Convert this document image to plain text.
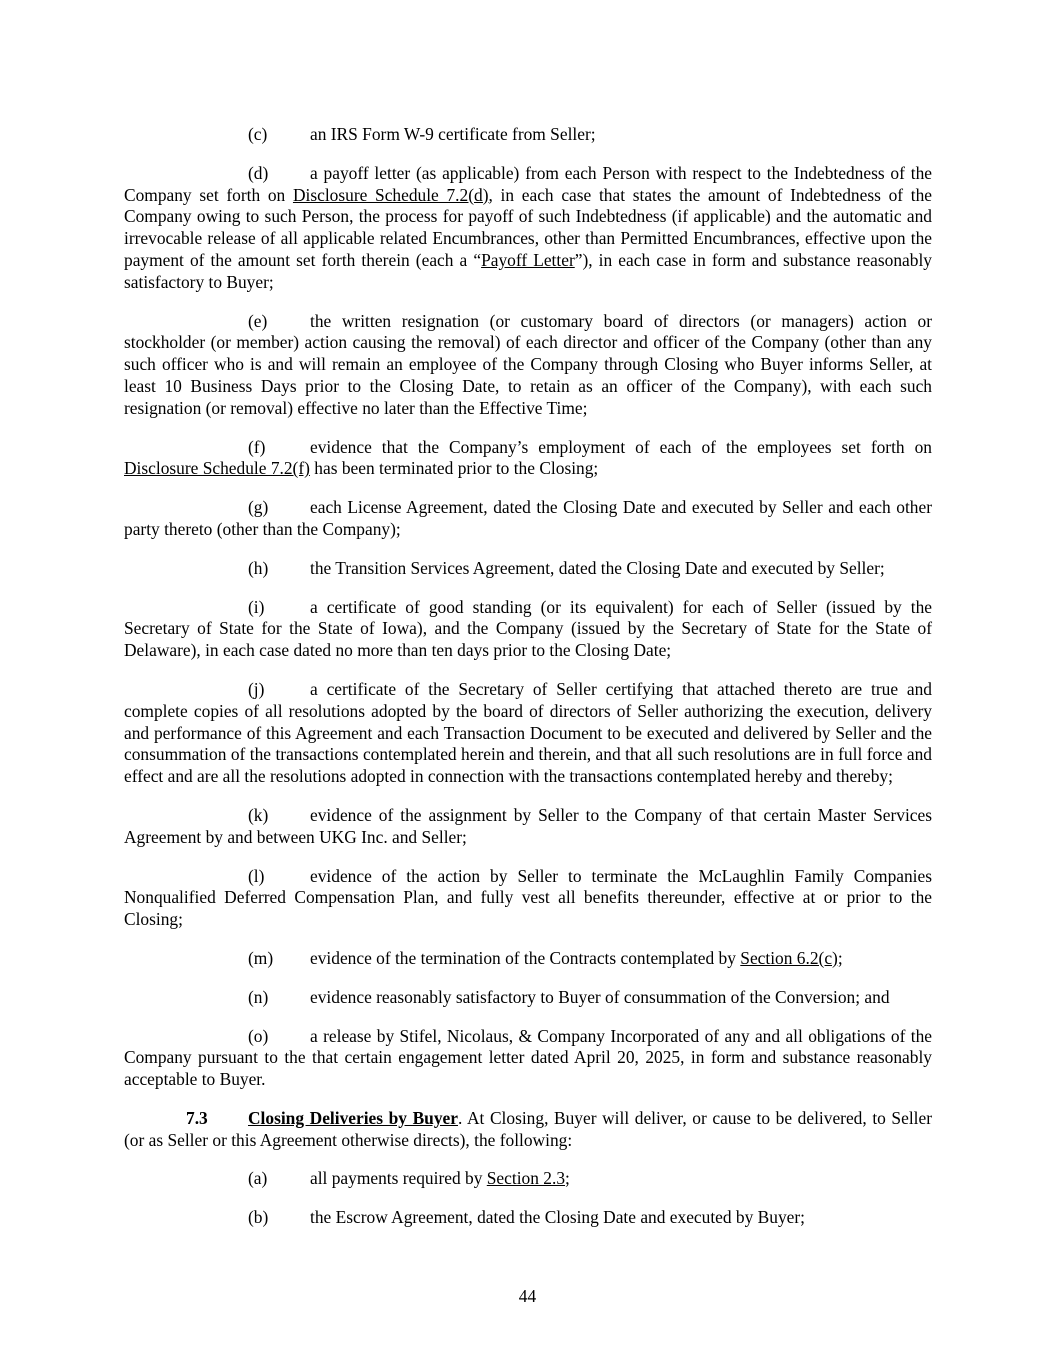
(c) an IRS Form W-9 certificate from Seller;

(d) a payoff letter (as applicable) from each Person with respect to the Indebtedness of the Company set forth on Disclosure Schedule 7.2(d), in each case that states the amount of Indebtedness of the Company owing to such Person, the process for payoff of such Indebtedness (if applicable) and the automatic and irrevocable release of all applicable related Encumbrances, other than Permitted Encumbrances, effective upon the payment of the amount set forth therein (each a “Payoff Letter”), in each case in form and substance reasonably satisfactory to Buyer;

(e) the written resignation (or customary board of directors (or managers) action or stockholder (or member) action causing the removal) of each director and officer of the Company (other than any such officer who is and will remain an employee of the Company through Closing who Buyer informs Seller, at least 10 Business Days prior to the Closing Date, to retain as an officer of the Company), with each such resignation (or removal) effective no later than the Effective Time;

(f)	evidence that the Company’s employment of each of the employees set forth on Disclosure Schedule 7.2(f) has been terminated prior to the Closing;

(g) each License Agreement, dated the Closing Date and executed by Seller and each other party thereto (other than the Company);

(h) the Transition Services Agreement, dated the Closing Date and executed by Seller;

(i)	a certificate of good standing (or its equivalent) for each of Seller (issued by the Secretary of State for the State of Iowa), and the Company (issued by the Secretary of State for the State of Delaware), in each case dated no more than ten days prior to the Closing Date;

(j)	a certificate of the Secretary of Seller certifying that attached thereto are true and complete copies of all resolutions adopted by the board of directors of Seller authorizing the execution, delivery and performance of this Agreement and each Transaction Document to be executed and delivered by Seller and the consummation of the transactions contemplated herein and therein, and that all such resolutions are in full force and effect and are all the resolutions adopted in connection with the transactions contemplated hereby and thereby;

(k) evidence of the assignment by Seller to the Company of that certain Master Services Agreement by and between UKG Inc. and Seller;

(l)	evidence of the action by Seller to terminate the McLaughlin Family Companies Nonqualified Deferred Compensation Plan, and fully vest all benefits thereunder, effective at or prior to the Closing;

(m) evidence of the termination of the Contracts contemplated by Section 6.2(c);

(n) evidence reasonably satisfactory to Buyer of consummation of the Conversion; and

(o) a release by Stifel, Nicolaus, & Company Incorporated of any and all obligations of the Company pursuant to the that certain engagement letter dated April 20, 2025, in form and substance reasonably acceptable to Buyer.

7.3 Closing Deliveries by Buyer. At Closing, Buyer will deliver, or cause to be delivered, to Seller (or as Seller or this Agreement otherwise directs), the following:

(a) all payments required by Section 2.3;

(b) the Escrow Agreement, dated the Closing Date and executed by Buyer;

44
